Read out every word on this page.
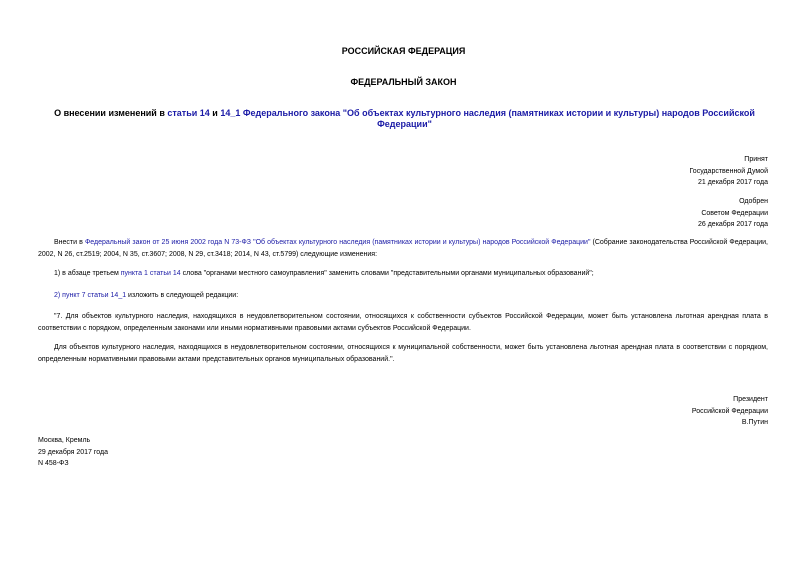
РОССИЙСКАЯ ФЕДЕРАЦИЯ
ФЕДЕРАЛЬНЫЙ ЗАКОН
О внесении изменений в статьи 14 и 14_1 Федерального закона "Об объектах культурного наследия (памятниках истории и культуры) народов Российской Федерации"
Принят
Государственной Думой
21 декабря 2017 года
Одобрен
Советом Федерации
26 декабря 2017 года
Внести в Федеральный закон от 25 июня 2002 года N 73-ФЗ "Об объектах культурного наследия (памятниках истории и культуры) народов Российской Федерации" (Собрание законодательства Российской Федерации, 2002, N 26, ст.2519; 2004, N 35, ст.3607; 2008, N 29, ст.3418; 2014, N 43, ст.5799) следующие изменения:
1) в абзаце третьем пункта 1 статьи 14 слова "органами местного самоуправления" заменить словами "представительными органами муниципальных образований";
2) пункт 7 статьи 14_1 изложить в следующей редакции:
"7. Для объектов культурного наследия, находящихся в неудовлетворительном состоянии, относящихся к собственности субъектов Российской Федерации, может быть установлена льготная арендная плата в соответствии с порядком, определенным законами или иными нормативными правовыми актами субъектов Российской Федерации.
Для объектов культурного наследия, находящихся в неудовлетворительном состоянии, относящихся к муниципальной собственности, может быть установлена льготная арендная плата в соответствии с порядком, определенным нормативными правовыми актами представительных органов муниципальных образований.".
Президент
Российской Федерации
В.Путин
Москва, Кремль
29 декабря 2017 года
N 458-ФЗ
